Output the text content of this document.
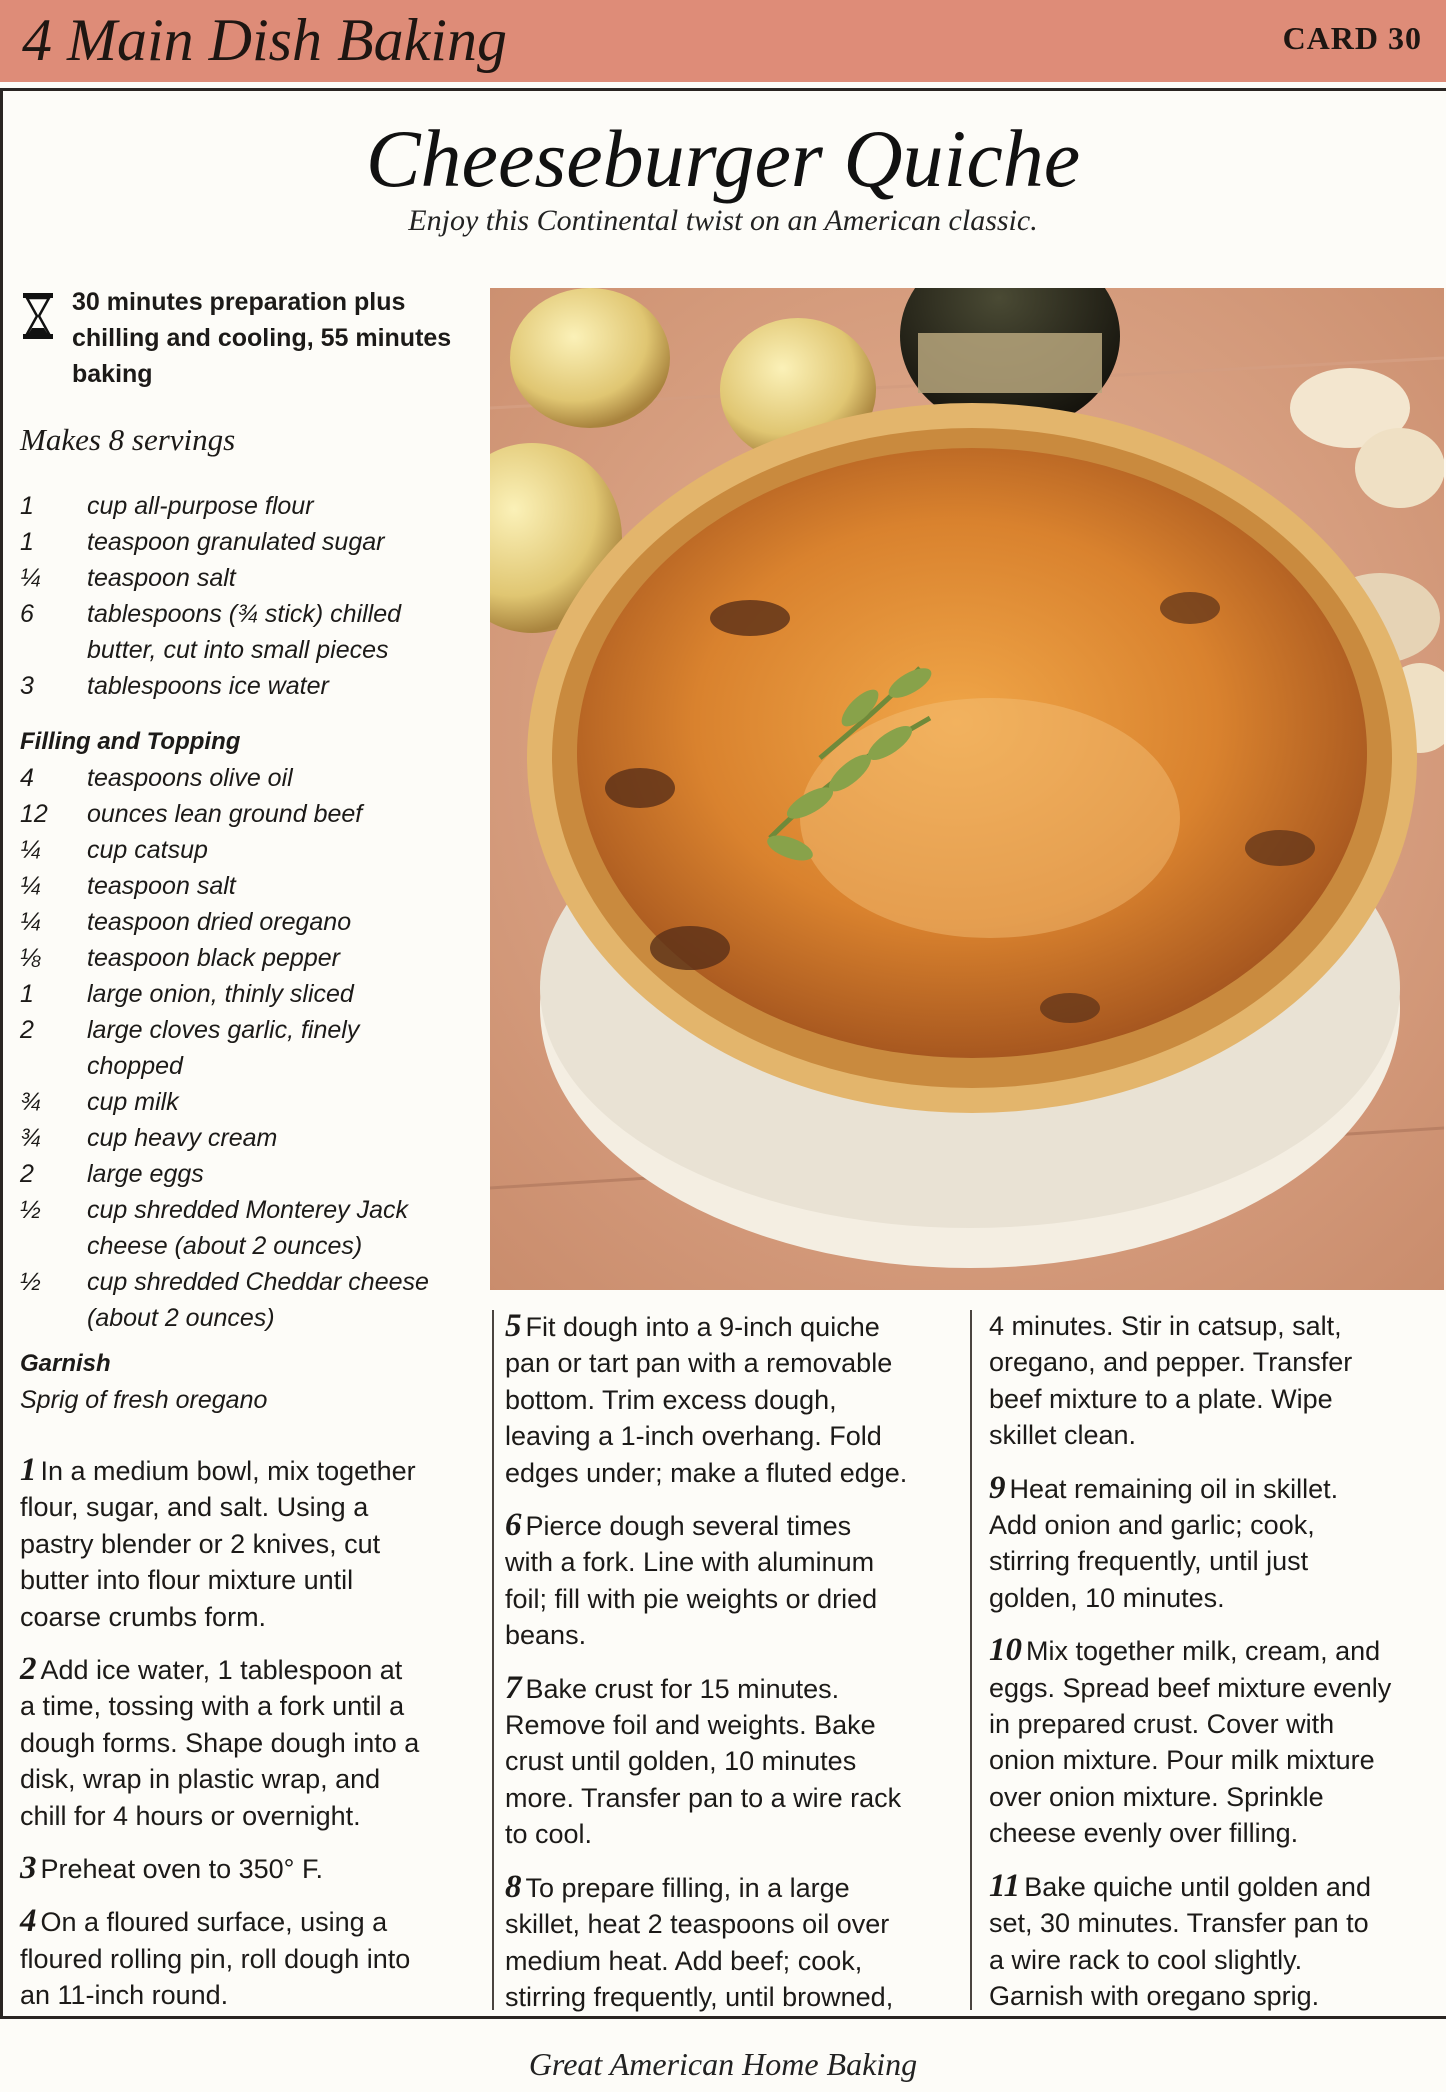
4 Main Dish Baking	CARD 30
Cheeseburger Quiche
Enjoy this Continental twist on an American classic.
30 minutes preparation plus
chilling and cooling, 55 minutes
baking
Makes 8 servings
1	cup all-purpose flour
1	teaspoon granulated sugar
¼	teaspoon salt
6	tablespoons (¾ stick) chilled
butter, cut into small pieces
3	tablespoons ice water
Filling and Topping
4	teaspoons olive oil
12	ounces lean ground beef
¼	cup catsup
¼	teaspoon salt
¼	teaspoon dried oregano
⅛	teaspoon black pepper
1	large onion, thinly sliced
2	large cloves garlic, finely
chopped
¾	cup milk
¾	cup heavy cream
2	large eggs
½	cup shredded Monterey Jack
cheese (about 2 ounces)
½	cup shredded Cheddar cheese
(about 2 ounces)
Garnish
Sprig of fresh oregano
1 In a medium bowl, mix together
flour, sugar, and salt. Using a
pastry blender or 2 knives, cut
butter into flour mixture until
coarse crumbs form.
2 Add ice water, 1 tablespoon at
a time, tossing with a fork until a
dough forms. Shape dough into a
disk, wrap in plastic wrap, and
chill for 4 hours or overnight.
3 Preheat oven to 350° F.
4 On a floured surface, using a
floured rolling pin, roll dough into
an 11-inch round.
5 Fit dough into a 9-inch quiche
pan or tart pan with a removable
bottom. Trim excess dough,
leaving a 1-inch overhang. Fold
edges under; make a fluted edge.
6 Pierce dough several times
with a fork. Line with aluminum
foil; fill with pie weights or dried
beans.
7 Bake crust for 15 minutes.
Remove foil and weights. Bake
crust until golden, 10 minutes
more. Transfer pan to a wire rack
to cool.
8 To prepare filling, in a large
skillet, heat 2 teaspoons oil over
medium heat. Add beef; cook,
stirring frequently, until browned,
4 minutes. Stir in catsup, salt,
oregano, and pepper. Transfer
beef mixture to a plate. Wipe
skillet clean.
9 Heat remaining oil in skillet.
Add onion and garlic; cook,
stirring frequently, until just
golden, 10 minutes.
10 Mix together milk, cream, and
eggs. Spread beef mixture evenly
in prepared crust. Cover with
onion mixture. Pour milk mixture
over onion mixture. Sprinkle
cheese evenly over filling.
11 Bake quiche until golden and
set, 30 minutes. Transfer pan to
a wire rack to cool slightly.
Garnish with oregano sprig.
Great American Home Baking
